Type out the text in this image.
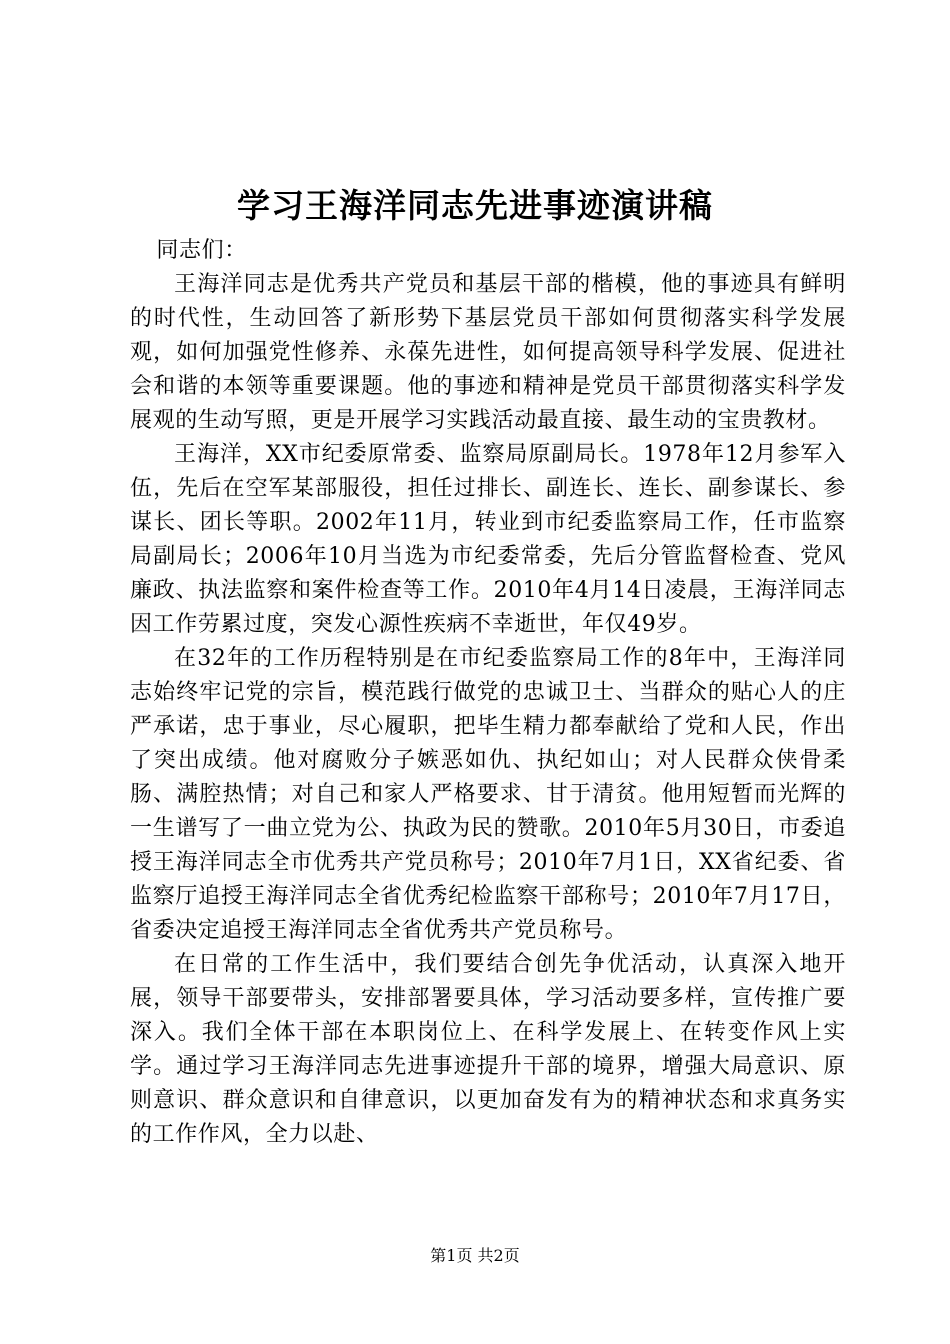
学习王海洋同志先进事迹演讲稿

同志们：

王海洋同志是优秀共产党员和基层干部的楷模，他的事迹具有鲜明的时代性，生动回答了新形势下基层党员干部如何贯彻落实科学发展观，如何加强党性修养、永葆先进性，如何提高领导科学发展、促进社会和谐的本领等重要课题。他的事迹和精神是党员干部贯彻落实科学发展观的生动写照，更是开展学习实践活动最直接、最生动的宝贵教材。

王海洋，XX市纪委原常委、监察局原副局长。1978年12月参军入伍，先后在空军某部服役，担任过排长、副连长、连长、副参谋长、参谋长、团长等职。2002年11月，转业到市纪委监察局工作，任市监察局副局长；2006年10月当选为市纪委常委，先后分管监督检查、党风廉政、执法监察和案件检查等工作。2010年4月14日凌晨，王海洋同志因工作劳累过度，突发心源性疾病不幸逝世，年仅49岁。

在32年的工作历程特别是在市纪委监察局工作的8年中，王海洋同志始终牢记党的宗旨，模范践行做党的忠诚卫士、当群众的贴心人的庄严承诺，忠于事业，尽心履职，把毕生精力都奉献给了党和人民，作出了突出成绩。他对腐败分子嫉恶如仇、执纪如山；对人民群众侠骨柔肠、满腔热情；对自己和家人严格要求、甘于清贫。他用短暂而光辉的一生谱写了一曲立党为公、执政为民的赞歌。2010年5月30日，市委追授王海洋同志全市优秀共产党员称号；2010年7月1日，XX省纪委、省监察厅追授王海洋同志全省优秀纪检监察干部称号；2010年7月17日，省委决定追授王海洋同志全省优秀共产党员称号。

在日常的工作生活中，我们要结合创先争优活动，认真深入地开展，领导干部要带头，安排部署要具体，学习活动要多样，宣传推广要深入。我们全体干部在本职岗位上、在科学发展上、在转变作风上实学。通过学习王海洋同志先进事迹提升干部的境界，增强大局意识、原则意识、群众意识和自律意识，以更加奋发有为的精神状态和求真务实的工作作风，全力以赴、

第1页 共2页
